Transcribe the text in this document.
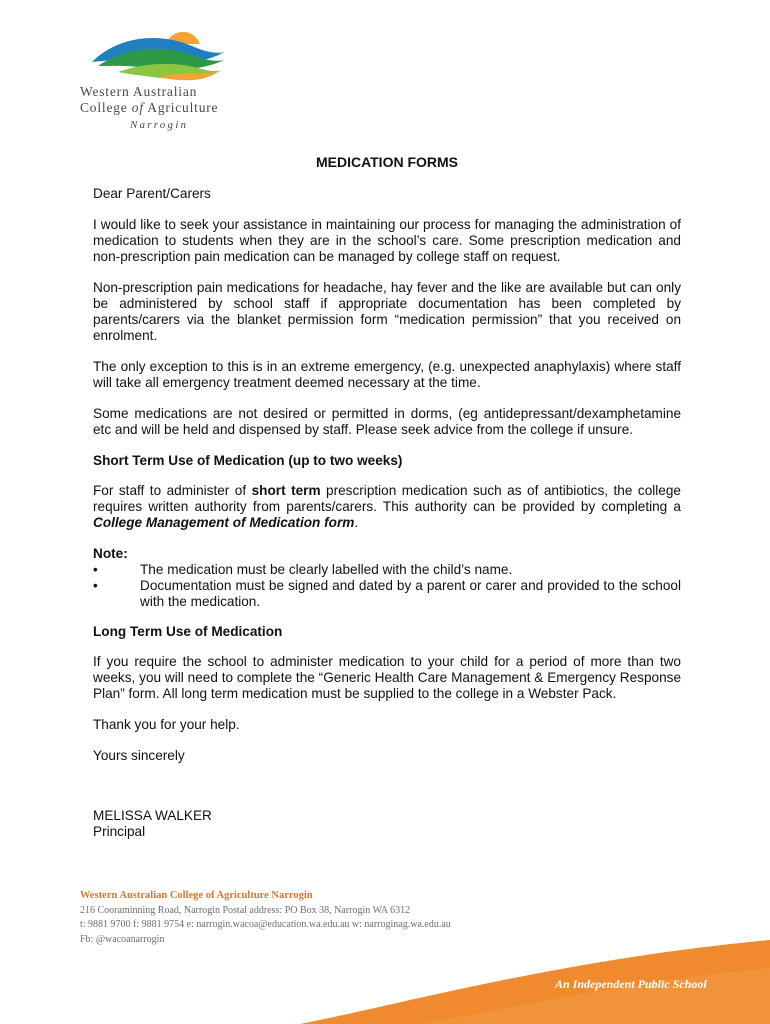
Western Australian
College of Agriculture
Narrogin
MEDICATION FORMS

Dear Parent/Carers

I would like to seek your assistance in maintaining our process for managing the administration of medication to students when they are in the school’s care. Some prescription medication and non-prescription pain medication can be managed by college staff on request.

Non-prescription pain medications for headache, hay fever and the like are available but can only be administered by school staff if appropriate documentation has been completed by parents/carers via the blanket permission form “medication permission” that you received on enrolment.

The only exception to this is in an extreme emergency, (e.g. unexpected anaphylaxis) where staff will take all emergency treatment deemed necessary at the time.

Some medications are not desired or permitted in dorms, (eg antidepressant/dexamphetamine etc and will be held and dispensed by staff. Please seek advice from the college if unsure.

Short Term Use of Medication (up to two weeks)

For staff to administer of short term prescription medication such as of antibiotics, the college requires written authority from parents/carers. This authority can be provided by completing a College Management of Medication form.

Note:
•	The medication must be clearly labelled with the child’s name.
•	Documentation must be signed and dated by a parent or carer and provided to the school with the medication.
Long Term Use of Medication

If you require the school to administer medication to your child for a period of more than two weeks, you will need to complete the “Generic Health Care Management & Emergency Response Plan” form. All long term medication must be supplied to the college in a Webster Pack.

Thank you for your help.

Yours sincerely

MELISSA WALKER
Principal
Western Australian College of Agriculture Narrogin
216 Cooraminning Road, Narrogin Postal address: PO Box 38, Narrogin WA 6312
t: 9881 9700 f: 9881 9754 e: narrogin.wacoa@education.wa.edu.au w: narroginag.wa.edu.au
Fb: @wacoanarrogin
An Independent Public School
